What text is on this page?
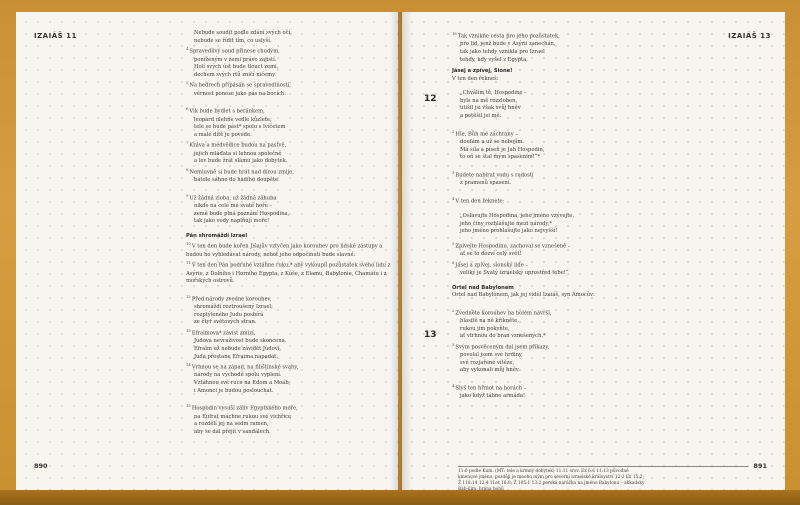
IZAIÁŠ 11	Nebude soudit podle zdání svých očí,
nebude se řídit tím, co uslyší.
$^4$Spravedlivý soud přinese chudým,
poníženým v zemi právo zajistí.
Holí svých úst bude tlouct zemi,
dechem svých rtů zničí ničemy.
$^5$Na bedrech připásán se spravedlností,
věrnost ponese jako pás na bocích.
$^6$Vlk bude bydlet s beránkem,
leopard ulehne vedle kůzlete;
tele se bude pást* spolu s lvíčetem
a malé dítě je povede.
$^7$Kráva a medvědice budou na pastvě,
jejich mláďata si lehnou společně
a lev bude žrát slámu jako dobytek.
$^8$Nemluvně si bude hrát nad dírou zmije,
batole sáhne do hadího doupěte.
$^9$Už žádná zloba, už žádná záhuba
nikde na celé mé svaté hoře –
země bude plná poznání Hospodina,
tak jako vody naplňují moře!
Pán shromáždí Izrael
$^{10}$V ten den bude kořen Jišajův vztyčen jako korouhev pro lidské zástupy a budou ho vyhledávat národy, neboť jeho odpočinutí bude slavné.
$^{11}$V ten den Pán podruhé vztáhne ruku,* aby vykoupil pozůstatek svého lidu z Asýrie, z Dolního i Horního Egypta, z Kúše, z Elamu, Babylonie, Chamátu i z mořských ostrovů.
$^{12}$Před národy zvedne korouhev,
shromáždí roztroušený Izrael;
rozptýleného Judu posbírá
ze čtyř světových stran.
$^{13}$Efraimova* závist zmizí,
Judova nevraživost bude skoncena.
Efraim už nebude závidět Judovi,
Juda přestane Efraima napadat.
$^{14}$Vrhnou se na západ, na filištínské svahy,
národy na východě spolu vyplení.
Vztáhnou své ruce na Edom a Moáb,
i Amonci je budou poslouchat.
$^{15}$Hospodin vysuší záliv Egyptského moře,
na Eufrat máchne rukou své vichřice
a rozdělí jej na sedm ramen,
aby se dal přejít v sandálech.
890
IZAIÁŠ 13
12
13
$^{16}$Tak vznikne cesta pro jeho pozůstatek,
pro lid, jenž bude v Asýrii zanechán,
tak jako tehdy vznikla pro Izrael
tehdy, kdy vyšel z Egypta.
Jásej a zpívej, Sione!
V ten den řekneš:
„Chválím tě, Hospodine –
byls na mě rozzloben,
utišil jsi však svůj hněv
a potěšil jsi mě.
$^2$Hle, Bůh mé záchrany –
doufám a už se nebojím.
Má síla a píseň je Jah Hospodin,
to on se stal mým spasením!“*
$^3$Budete nabírat vodu s radostí
z pramenů spasení.
$^4$V ten den řeknete:
„Oslavujte Hospodina, jeho jméno vzývejte,
jeho činy rozhlašujte mezi národy,*
jeho jméno prohlašujte jako nejvyšší!
$^5$Zpívejte Hospodinu, zachoval se vznešeně –
ať se to dozví celý svět!
$^6$Jásej a zpívej, sionský lide –
veliký je Svatý izraelský uprostřed tebe!“
Ortel nad Babylonem
Ortel nad Babylonem, jak jej viděl Izaiáš, syn Amocův:
$^2$Zvedněte korouhev na holém návrší,
hlasitě na ně křikněte,
rukou jim pokyňte,
ať vtrhnou do bran vznešených.*
$^3$Svým posvěceným dal jsem příkazy,
povolal jsem své hrdiny,
své rozjařené vítěze,
aby vykonali můj hněv.
$^4$Slyš ten hřmot na horách –
jako když táhne armáda!
11:6 podle Kum. (MT: tele a krmný dobytek) 11:11 srov. Ex 6:6 11:13 původně
kmenové jméno, později je mnoho mým pro severní izraelské království 12:2 Ex 15:2;
Ž 118:14 12:4 1Let 16:8; Ž 105:1 13:2 perská narážka na jméno Babylonu – akkadsky
Báb-ilim, brána bohů
891
